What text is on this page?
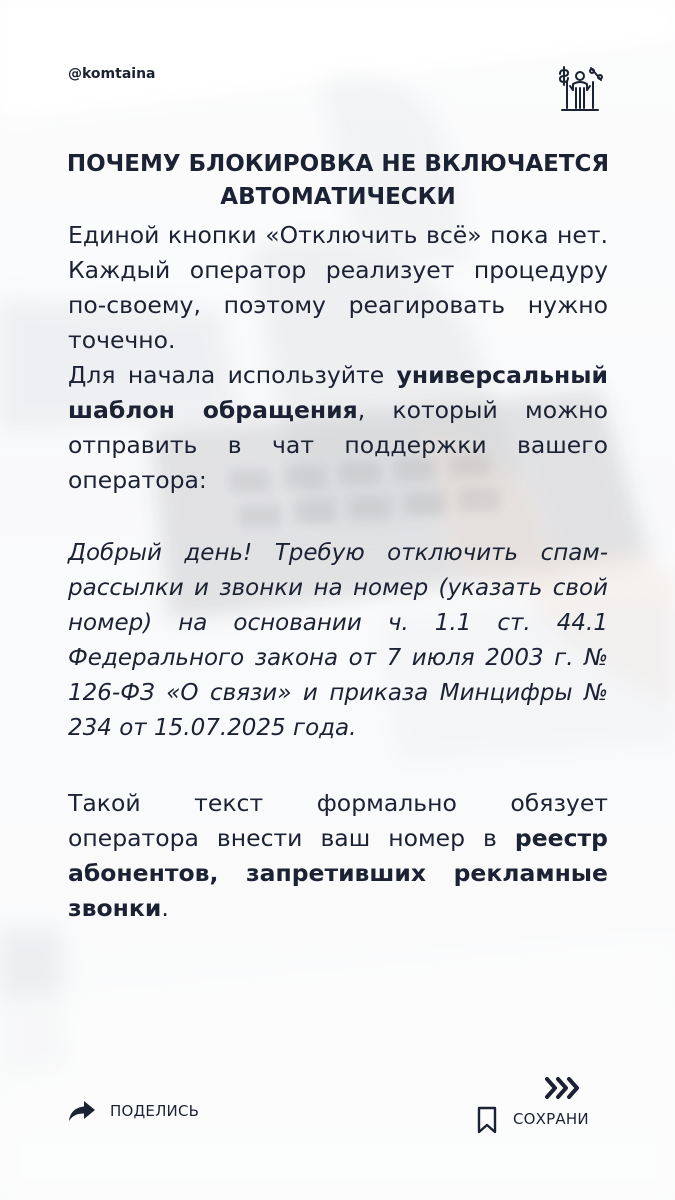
@komtaina
ПОЧЕМУ БЛОКИРОВКА НЕ ВКЛЮЧАЕТСЯ
АВТОМАТИЧЕСКИ
Единой кнопки «Отключить всё» пока нет.
Каждый оператор реализует процедуру
по-своему, поэтому реагировать нужно
точечно.
Для начала используйте универсальный
шаблон обращения, который можно
отправить в чат поддержки вашего
оператора:
Добрый день! Требую отключить спам-
рассылки и звонки на номер (указать свой
номер) на основании ч. 1.1 ст. 44.1
Федерального закона от 7 июля 2003 г. №
126-ФЗ «О связи» и приказа Минцифры №
234 от 15.07.2025 года.
Такой текст формально обязует
оператора внести ваш номер в реестр
абонентов, запретивших рекламные
звонки.
ПОДЕЛИСЬ	СОХРАНИ
